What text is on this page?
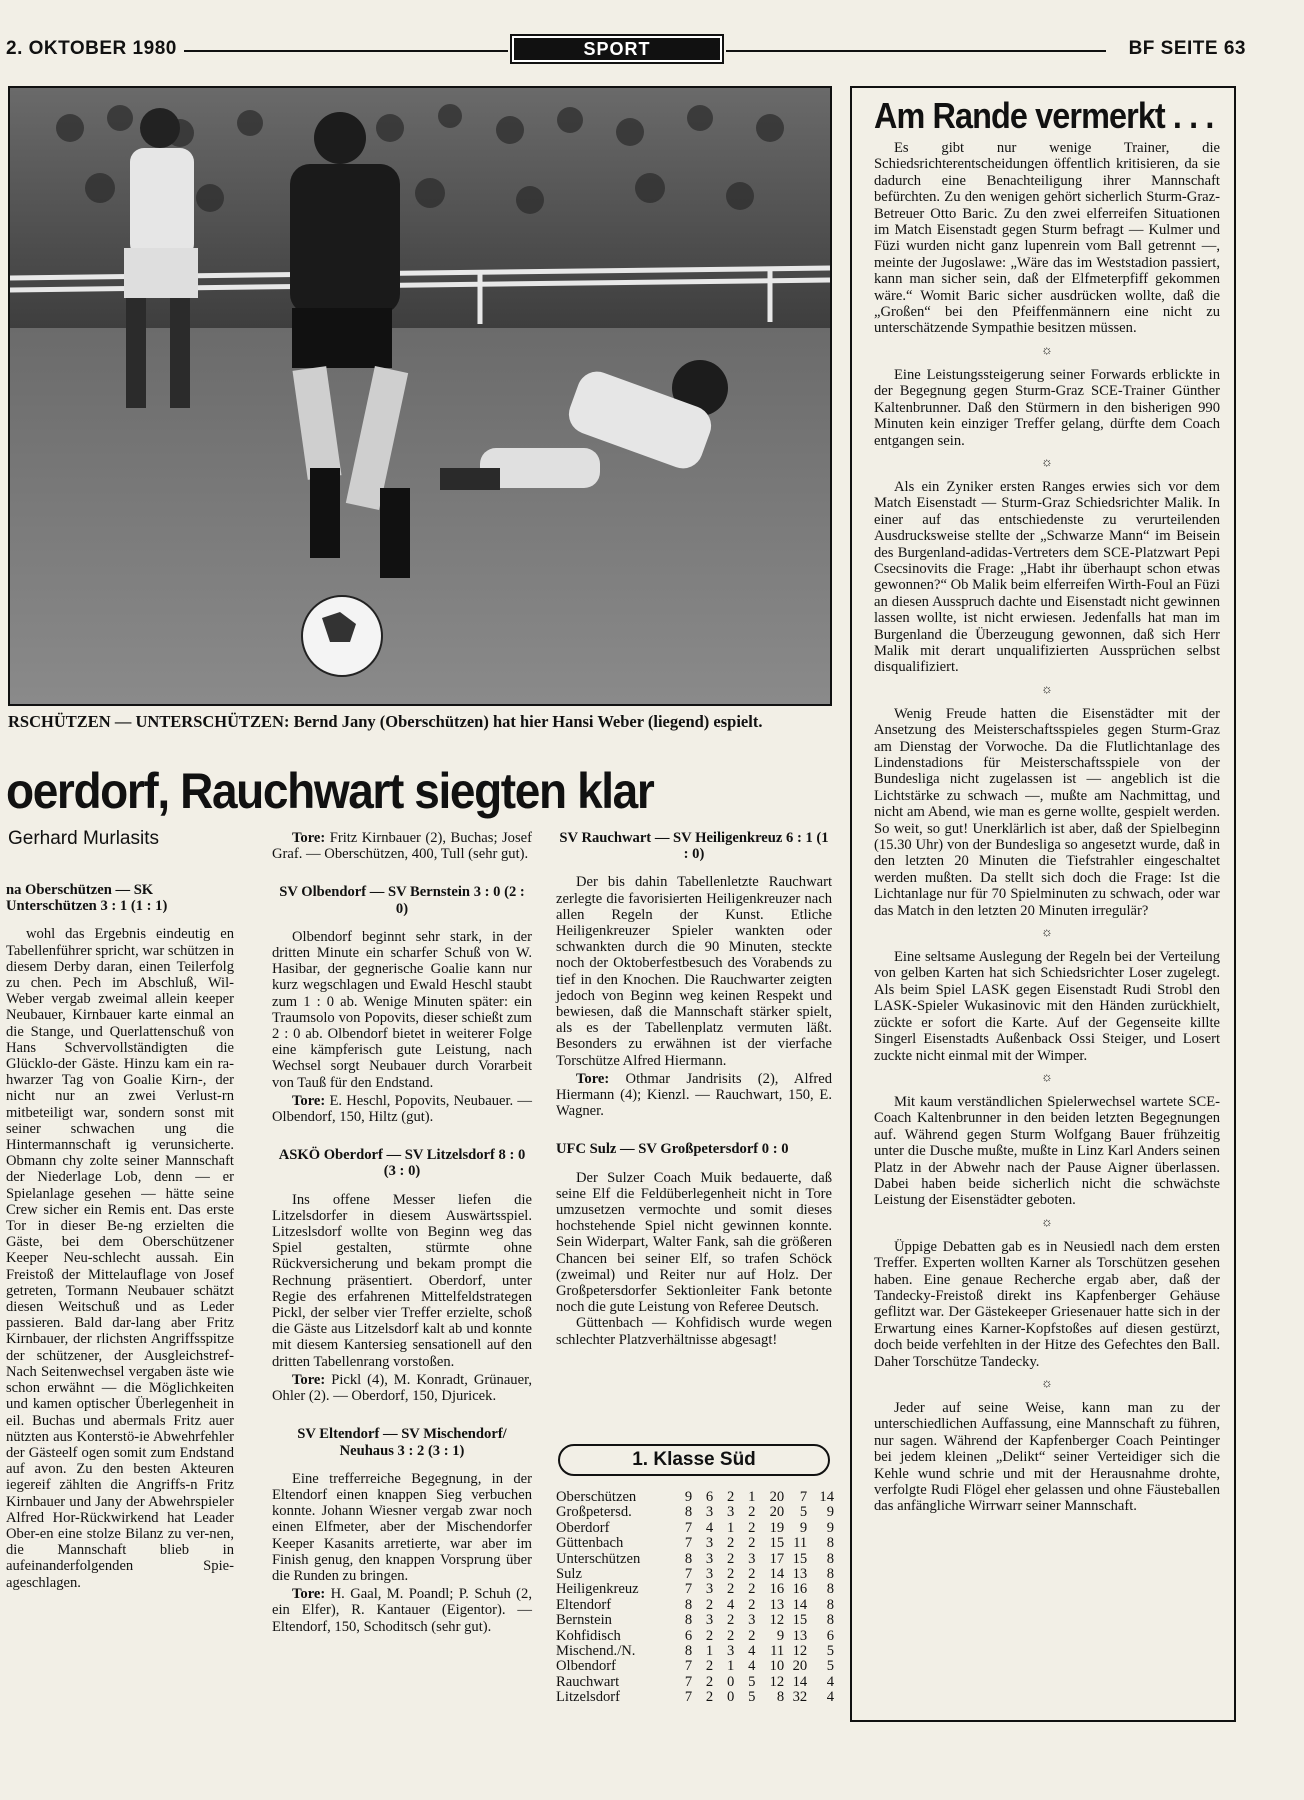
2. OKTOBER 1980	SPORT	BF SEITE 63
RSCHÜTZEN — UNTERSCHÜTZEN: Bernd Jany (Oberschützen) hat hier Hansi Weber (liegend) espielt.
oerdorf, Rauchwart siegten klar
Gerhard Murlasits

na Oberschützen — SK Unterschützen 3 : 1 (1 : 1)

wohl das Ergebnis eindeutig en Tabellenführer spricht, war schützen in diesem Derby daran, einen Teilerfolg zu chen. Pech im Abschluß, Wil-Weber vergab zweimal allein keeper Neubauer, Kirnbauer karte einmal an die Stange, und Querlattenschuß von Hans Schvervollständigten die Glücklo-der Gäste. Hinzu kam ein ra-hwarzer Tag von Goalie Kirn-, der nicht nur an zwei Verlust-rn mitbeteiligt war, sondern sonst mit seiner schwachen ung die Hintermannschaft ig verunsicherte. Obmann chy zolte seiner Mannschaft der Niederlage Lob, denn — er Spielanlage gesehen — hätte seine Crew sicher ein Remis ent. Das erste Tor in dieser Be-ng erzielten die Gäste, bei dem Oberschützener Keeper Neu-schlecht aussah. Ein Freistoß der Mittelauflage von Josef getreten, Tormann Neubauer schätzt diesen Weitschuß und as Leder passieren. Bald dar-lang aber Fritz Kirnbauer, der rlichsten Angriffsspitze der schützener, der Ausgleichstref-Nach Seitenwechsel vergaben äste wie schon erwähnt — die Möglichkeiten und kamen optischer Überlegenheit in eil. Buchas und abermals Fritz auer nützten aus Konterstö-ie Abwehrfehler der Gästeelf ogen somit zum Endstand auf avon. Zu den besten Akteuren iegereif zählten die Angriffs-n Fritz Kirnbauer und Jany der Abwehrspieler Alfred Hor-Rückwirkend hat Leader Ober-en eine stolze Bilanz zu ver-nen, die Mannschaft blieb in aufeinanderfolgenden Spie-ageschlagen.

Tore: Fritz Kirnbauer (2), Buchas; Josef Graf. — Oberschützen, 400, Tull (sehr gut).

SV Olbendorf — SV Bernstein 3 : 0 (2 : 0)

Olbendorf beginnt sehr stark, in der dritten Minute ein scharfer Schuß von W. Hasibar, der gegnerische Goalie kann nur kurz wegschlagen und Ewald Heschl staubt zum 1 : 0 ab. Wenige Minuten später: ein Traumsolo von Popovits, dieser schießt zum 2 : 0 ab. Olbendorf bietet in weiterer Folge eine kämpferisch gute Leistung, nach Wechsel sorgt Neubauer durch Vorarbeit von Tauß für den Endstand.

Tore: E. Heschl, Popovits, Neubauer. — Olbendorf, 150, Hiltz (gut).

ASKÖ Oberdorf — SV Litzelsdorf 8 : 0 (3 : 0)

Ins offene Messer liefen die Litzelsdorfer in diesem Auswärtsspiel. Litzeslsdorf wollte von Beginn weg das Spiel gestalten, stürmte ohne Rückversicherung und bekam prompt die Rechnung präsentiert. Oberdorf, unter Regie des erfahrenen Mittelfeldstrategen Pickl, der selber vier Treffer erzielte, schoß die Gäste aus Litzelsdorf kalt ab und konnte mit diesem Kantersieg sensationell auf den dritten Tabellenrang vorstoßen.

Tore: Pickl (4), M. Konradt, Grünauer, Ohler (2). — Oberdorf, 150, Djuricek.

SV Eltendorf — SV Mischendorf/ Neuhaus 3 : 2 (3 : 1)

Eine trefferreiche Begegnung, in der Eltendorf einen knappen Sieg verbuchen konnte. Johann Wiesner vergab zwar noch einen Elfmeter, aber der Mischendorfer Keeper Kasanits arretierte, war aber im Finish genug, den knappen Vorsprung über die Runden zu bringen.

Tore: H. Gaal, M. Poandl; P. Schuh (2, ein Elfer), R. Kantauer (Eigentor). — Eltendorf, 150, Schoditsch (sehr gut).

SV Rauchwart — SV Heiligenkreuz 6 : 1 (1 : 0)

Der bis dahin Tabellenletzte Rauchwart zerlegte die favorisierten Heiligenkreuzer nach allen Regeln der Kunst. Etliche Heiligenkreuzer Spieler wankten oder schwankten durch die 90 Minuten, steckte noch der Oktoberfestbesuch des Vorabends zu tief in den Knochen. Die Rauchwarter zeigten jedoch von Beginn weg keinen Respekt und bewiesen, daß die Mannschaft stärker spielt, als es der Tabellenplatz vermuten läßt. Besonders zu erwähnen ist der vierfache Torschütze Alfred Hiermann.

Tore: Othmar Jandrisits (2), Alfred Hiermann (4); Kienzl. — Rauchwart, 150, E. Wagner.

UFC Sulz — SV Großpetersdorf 0 : 0

Der Sulzer Coach Muik bedauerte, daß seine Elf die Feldüberlegenheit nicht in Tore umzusetzen vermochte und somit dieses hochstehende Spiel nicht gewinnen konnte. Sein Widerpart, Walter Fank, sah die größeren Chancen bei seiner Elf, so trafen Schöck (zweimal) und Reiter nur auf Holz. Der Großpetersdorfer Sektionleiter Fank betonte noch die gute Leistung von Referee Deutsch.

Güttenbach — Kohfidisch wurde wegen schlechter Platzverhältnisse abgesagt!

1. Klasse Süd
Oberschützen	9 6 2 1 20	7 14
Großpetersd.	8 3 3 2 20	5	9
Oberdorf	7 4 1 2 19	9	9
Güttenbach	7 3 2 2 15 11	8
Unterschützen	8 3 2 3 17 15	8
Sulz	7 3 2 2 14 13	8
Heiligenkreuz	7 3 2 2 16 16	8
Eltendorf	8 2 4 2 13 14	8
Bernstein	8 3 2 3 12 15	8
Kohfidisch	6 2 2 2	9 13	6
Mischend./N.	8 1 3 4	11 12	5
Olbendorf	7 2 1 4 10 20	5
Rauchwart	7 2 0 5 12 14	4
Litzelsdorf	7 2 0 5	8 32	4
Am Rande vermerkt . . .

Es gibt nur wenige Trainer, die Schiedsrichterentscheidungen öffentlich kritisieren, da sie dadurch eine Benachteiligung ihrer Mannschaft befürchten. Zu den wenigen gehört sicherlich Sturm-Graz-Betreuer Otto Baric. Zu den zwei elferreifen Situationen im Match Eisenstadt gegen Sturm befragt — Kulmer und Füzi wurden nicht ganz lupenrein vom Ball getrennt —, meinte der Jugoslawe: „Wäre das im Weststadion passiert, kann man sicher sein, daß der Elfmeterpfiff gekommen wäre.“ Womit Baric sicher ausdrücken wollte, daß die „Großen“ bei den Pfeiffenmännern eine nicht zu unterschätzende Sympathie besitzen müssen.

☼

Eine Leistungssteigerung seiner Forwards erblickte in der Begegnung gegen Sturm-Graz SCE-Trainer Günther Kaltenbrunner. Daß den Stürmern in den bisherigen 990 Minuten kein einziger Treffer gelang, dürfte dem Coach entgangen sein.

☼

Als ein Zyniker ersten Ranges erwies sich vor dem Match Eisenstadt — Sturm-Graz Schiedsrichter Malik. In einer auf das entschiedenste zu verurteilenden Ausdrucksweise stellte der „Schwarze Mann“ im Beisein des Burgenland-adidas-Vertreters dem SCE-Platzwart Pepi Csecsinovits die Frage: „Habt ihr überhaupt schon etwas gewonnen?“ Ob Malik beim elferreifen Wirth-Foul an Füzi an diesen Ausspruch dachte und Eisenstadt nicht gewinnen lassen wollte, ist nicht erwiesen. Jedenfalls hat man im Burgenland die Überzeugung gewonnen, daß sich Herr Malik mit derart unqualifizierten Aussprüchen selbst disqualifiziert.

☼

Wenig Freude hatten die Eisenstädter mit der Ansetzung des Meisterschaftsspieles gegen Sturm-Graz am Dienstag der Vorwoche. Da die Flutlichtanlage des Lindenstadions für Meisterschaftsspiele von der Bundesliga nicht zugelassen ist — angeblich ist die Lichtstärke zu schwach —, mußte am Nachmittag, und nicht am Abend, wie man es gerne wollte, gespielt werden. So weit, so gut! Unerklärlich ist aber, daß der Spielbeginn (15.30 Uhr) von der Bundesliga so angesetzt wurde, daß in den letzten 20 Minuten die Tiefstrahler eingeschaltet werden mußten. Da stellt sich doch die Frage: Ist die Lichtanlage nur für 70 Spielminuten zu schwach, oder war das Match in den letzten 20 Minuten irregulär?

☼

Eine seltsame Auslegung der Regeln bei der Verteilung von gelben Karten hat sich Schiedsrichter Loser zugelegt. Als beim Spiel LASK gegen Eisenstadt Rudi Strobl den LASK-Spieler Wukasinovic mit den Händen zurückhielt, zückte er sofort die Karte. Auf der Gegenseite killte Singerl Eisenstadts Außenback Ossi Steiger, und Losert zuckte nicht einmal mit der Wimper.

☼

Mit kaum verständlichen Spielerwechsel wartete SCE-Coach Kaltenbrunner in den beiden letzten Begegnungen auf. Während gegen Sturm Wolfgang Bauer frühzeitig unter die Dusche mußte, mußte in Linz Karl Anders seinen Platz in der Abwehr nach der Pause Aigner überlassen. Dabei haben beide sicherlich nicht die schwächste Leistung der Eisenstädter geboten.

☼

Üppige Debatten gab es in Neusiedl nach dem ersten Treffer. Experten wollten Karner als Torschützen gesehen haben. Eine genaue Recherche ergab aber, daß der Tandecky-Freistoß direkt ins Kapfenberger Gehäuse geflitzt war. Der Gästekeeper Griesenauer hatte sich in der Erwartung eines Karner-Kopfstoßes auf diesen gestürzt, doch beide verfehlten in der Hitze des Gefechtes den Ball. Daher Torschütze Tandecky.

☼

Jeder auf seine Weise, kann man zu der unterschiedlichen Auffassung, eine Mannschaft zu führen, nur sagen. Während der Kapfenberger Coach Peintinger bei jedem kleinen „Delikt“ seiner Verteidiger sich die Kehle wund schrie und mit der Herausnahme drohte, verfolgte Rudi Flögel eher gelassen und ohne Fäusteballen das anfängliche Wirrwarr seiner Mannschaft.
